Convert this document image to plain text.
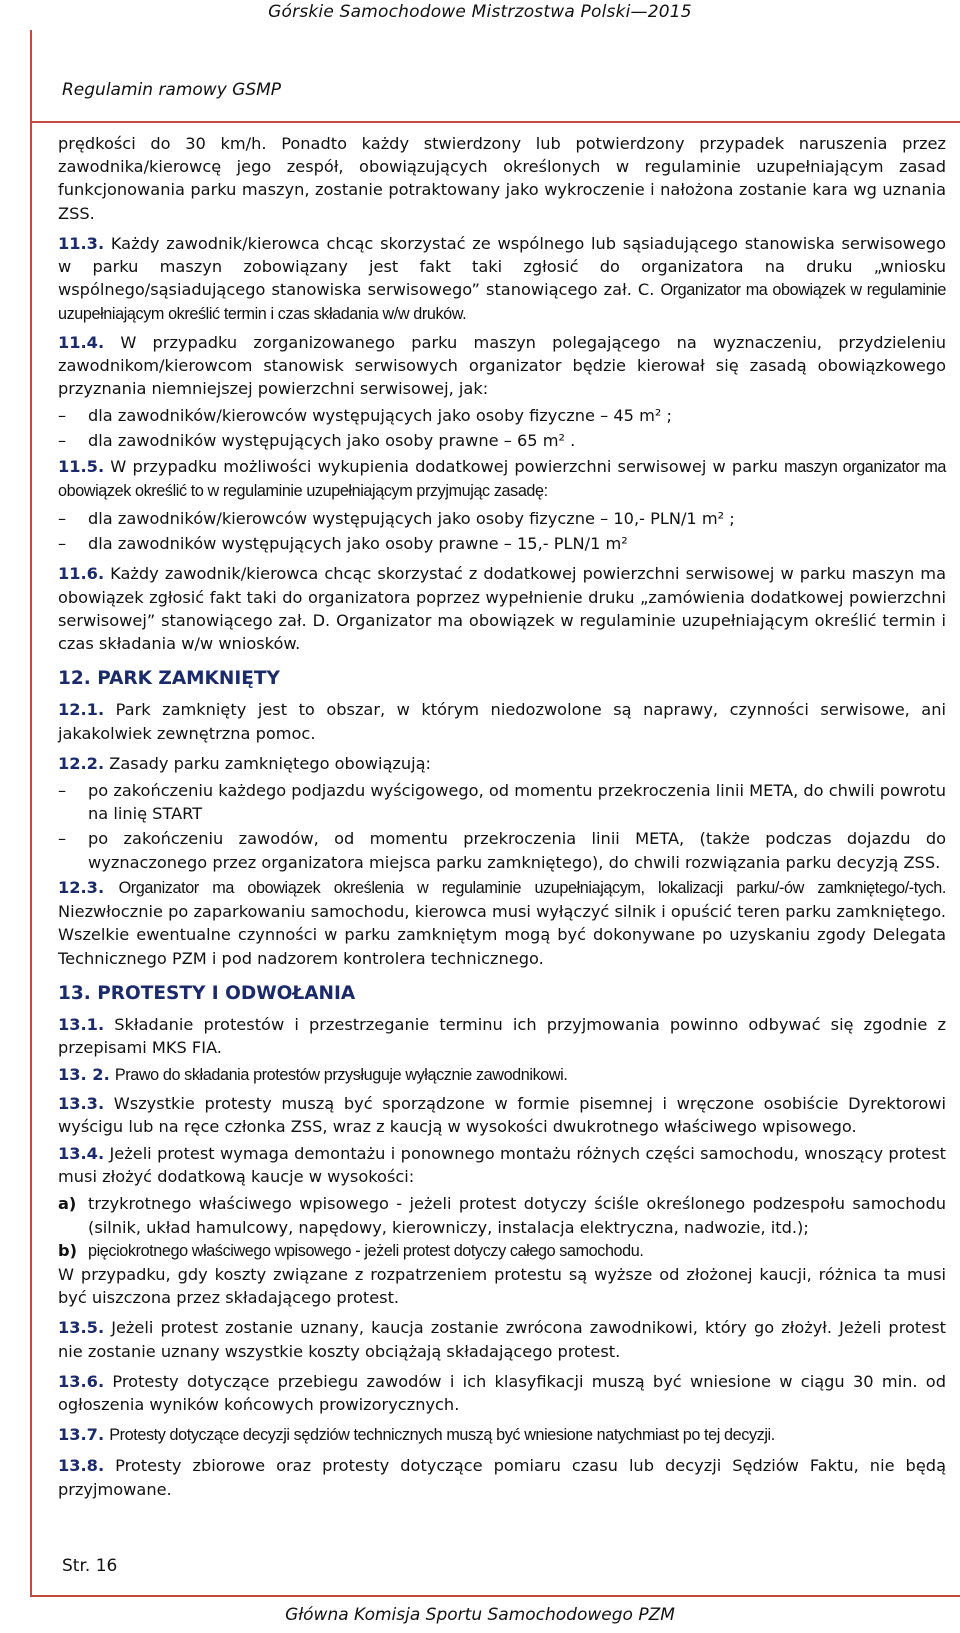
Górskie Samochodowe Mistrzostwa Polski—2015
Regulamin ramowy GSMP

prędkości do 30 km/h. Ponadto każdy stwierdzony lub potwierdzony przypadek naruszenia przez zawodnika/kierowcę jego zespół, obowiązujących określonych w regulaminie uzupełniającym zasad funkcjonowania parku maszyn, zostanie potraktowany jako wykroczenie i nałożona zostanie kara wg uznania ZSS.

11.3. Każdy zawodnik/kierowca chcąc skorzystać ze wspólnego lub sąsiadującego stanowiska serwisowego w parku maszyn zobowiązany jest fakt taki zgłosić do organizatora na druku „wniosku wspólnego/sąsiadującego stanowiska serwisowego” stanowiącego zał. C. Organizator ma obowiązek w regulaminie uzupełniającym określić termin i czas składania w/w druków.

11.4. W przypadku zorganizowanego parku maszyn polegającego na wyznaczeniu, przydzieleniu zawodnikom/kierowcom stanowisk serwisowych organizator będzie kierował się zasadą obowiązkowego przyznania niemniejszej powierzchni serwisowej, jak:

– dla zawodników/kierowców występujących jako osoby fizyczne – 45 m² ;
– dla zawodników występujących jako osoby prawne – 65 m² .

11.5. W przypadku możliwości wykupienia dodatkowej powierzchni serwisowej w parku maszyn organizator ma obowiązek określić to w regulaminie uzupełniającym przyjmując zasadę:

– dla zawodników/kierowców występujących jako osoby fizyczne – 10,- PLN/1 m² ;
– dla zawodników występujących jako osoby prawne – 15,- PLN/1 m²

11.6. Każdy zawodnik/kierowca chcąc skorzystać z dodatkowej powierzchni serwisowej w parku maszyn ma obowiązek zgłosić fakt taki do organizatora poprzez wypełnienie druku „zamówienia dodatkowej powierzchni serwisowej” stanowiącego zał. D. Organizator ma obowiązek w regulaminie uzupełniającym określić termin i czas składania w/w wniosków.

12. PARK ZAMKNIĘTY

12.1. Park zamknięty jest to obszar, w którym niedozwolone są naprawy, czynności serwisowe, ani jakakolwiek zewnętrzna pomoc.

12.2. Zasady parku zamkniętego obowiązują:

– po zakończeniu każdego podjazdu wyścigowego, od momentu przekroczenia linii META, do chwili powrotu na linię START
– po zakończeniu zawodów, od momentu przekroczenia linii META, (także podczas dojazdu do wyznaczonego przez organizatora miejsca parku zamkniętego), do chwili rozwiązania parku decyzją ZSS.

12.3. Organizator ma obowiązek określenia w regulaminie uzupełniającym, lokalizacji parku/-ów zamkniętego/-tych. Niezwłocznie po zaparkowaniu samochodu, kierowca musi wyłączyć silnik i opuścić teren parku zamkniętego. Wszelkie ewentualne czynności w parku zamkniętym mogą być dokonywane po uzyskaniu zgody Delegata Technicznego PZM i pod nadzorem kontrolera technicznego.

13. PROTESTY I ODWOŁANIA

13.1. Składanie protestów i przestrzeganie terminu ich przyjmowania powinno odbywać się zgodnie z przepisami MKS FIA.

13. 2. Prawo do składania protestów przysługuje wyłącznie zawodnikowi.

13.3. Wszystkie protesty muszą być sporządzone w formie pisemnej i wręczone osobiście Dyrektorowi wyścigu lub na ręce członka ZSS, wraz z kaucją w wysokości dwukrotnego właściwego wpisowego.

13.4. Jeżeli protest wymaga demontażu i ponownego montażu różnych części samochodu, wnoszący protest musi złożyć dodatkową kaucje w wysokości:

a) trzykrotnego właściwego wpisowego - jeżeli protest dotyczy ściśle określonego podzespołu samochodu (silnik, układ hamulcowy, napędowy, kierowniczy, instalacja elektryczna, nadwozie, itd.);
b) pięciokrotnego właściwego wpisowego - jeżeli protest dotyczy całego samochodu.

W przypadku, gdy koszty związane z rozpatrzeniem protestu są wyższe od złożonej kaucji, różnica ta musi być uiszczona przez składającego protest.

13.5. Jeżeli protest zostanie uznany, kaucja zostanie zwrócona zawodnikowi, który go złożył. Jeżeli protest nie zostanie uznany wszystkie koszty obciążają składającego protest.

13.6. Protesty dotyczące przebiegu zawodów i ich klasyfikacji muszą być wniesione w ciągu 30 min. od ogłoszenia wyników końcowych prowizorycznych.

13.7. Protesty dotyczące decyzji sędziów technicznych muszą być wniesione natychmiast po tej decyzji.

13.8. Protesty zbiorowe oraz protesty dotyczące pomiaru czasu lub decyzji Sędziów Faktu, nie będą przyjmowane.

Str. 16
Główna Komisja Sportu Samochodowego PZM
